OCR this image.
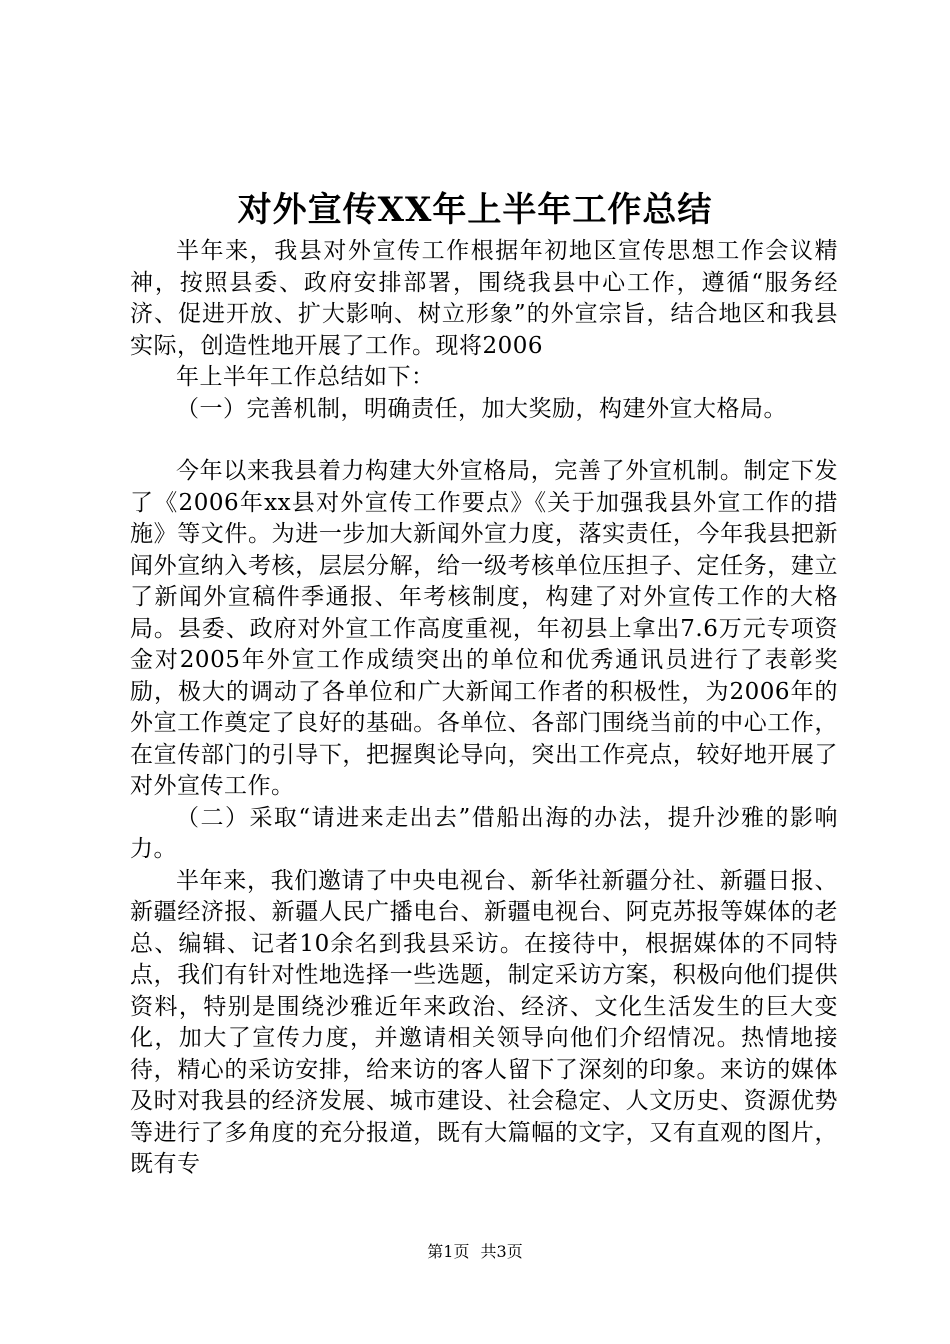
对外宣传XX年上半年工作总结

半年来，我县对外宣传工作根据年初地区宣传思想工作会议精神，按照县委、政府安排部署，围绕我县中心工作，遵循“服务经济、促进开放、扩大影响、树立形象”的外宣宗旨，结合地区和我县实际，创造性地开展了工作。现将2006

年上半年工作总结如下：

（一）完善机制，明确责任，加大奖励，构建外宣大格局。

今年以来我县着力构建大外宣格局，完善了外宣机制。制定下发了《2006年xx县对外宣传工作要点》《关于加强我县外宣工作的措施》等文件。为进一步加大新闻外宣力度，落实责任，今年我县把新闻外宣纳入考核，层层分解，给一级考核单位压担子、定任务，建立了新闻外宣稿件季通报、年考核制度，构建了对外宣传工作的大格局。县委、政府对外宣工作高度重视，年初县上拿出7.6万元专项资金对2005年外宣工作成绩突出的单位和优秀通讯员进行了表彰奖励，极大的调动了各单位和广大新闻工作者的积极性，为2006年的外宣工作奠定了良好的基础。各单位、各部门围绕当前的中心工作，在宣传部门的引导下，把握舆论导向，突出工作亮点，较好地开展了对外宣传工作。

（二）采取“请进来走出去”借船出海的办法，提升沙雅的影响力。

半年来，我们邀请了中央电视台、新华社新疆分社、新疆日报、新疆经济报、新疆人民广播电台、新疆电视台、阿克苏报等媒体的老总、编辑、记者10余名到我县采访。在接待中，根据媒体的不同特点，我们有针对性地选择一些选题，制定采访方案，积极向他们提供资料，特别是围绕沙雅近年来政治、经济、文化生活发生的巨大变化，加大了宣传力度，并邀请相关领导向他们介绍情况。热情地接待，精心的采访安排，给来访的客人留下了深刻的印象。来访的媒体及时对我县的经济发展、城市建设、社会稳定、人文历史、资源优势等进行了多角度的充分报道，既有大篇幅的文字，又有直观的图片，既有专

第1页 共3页
